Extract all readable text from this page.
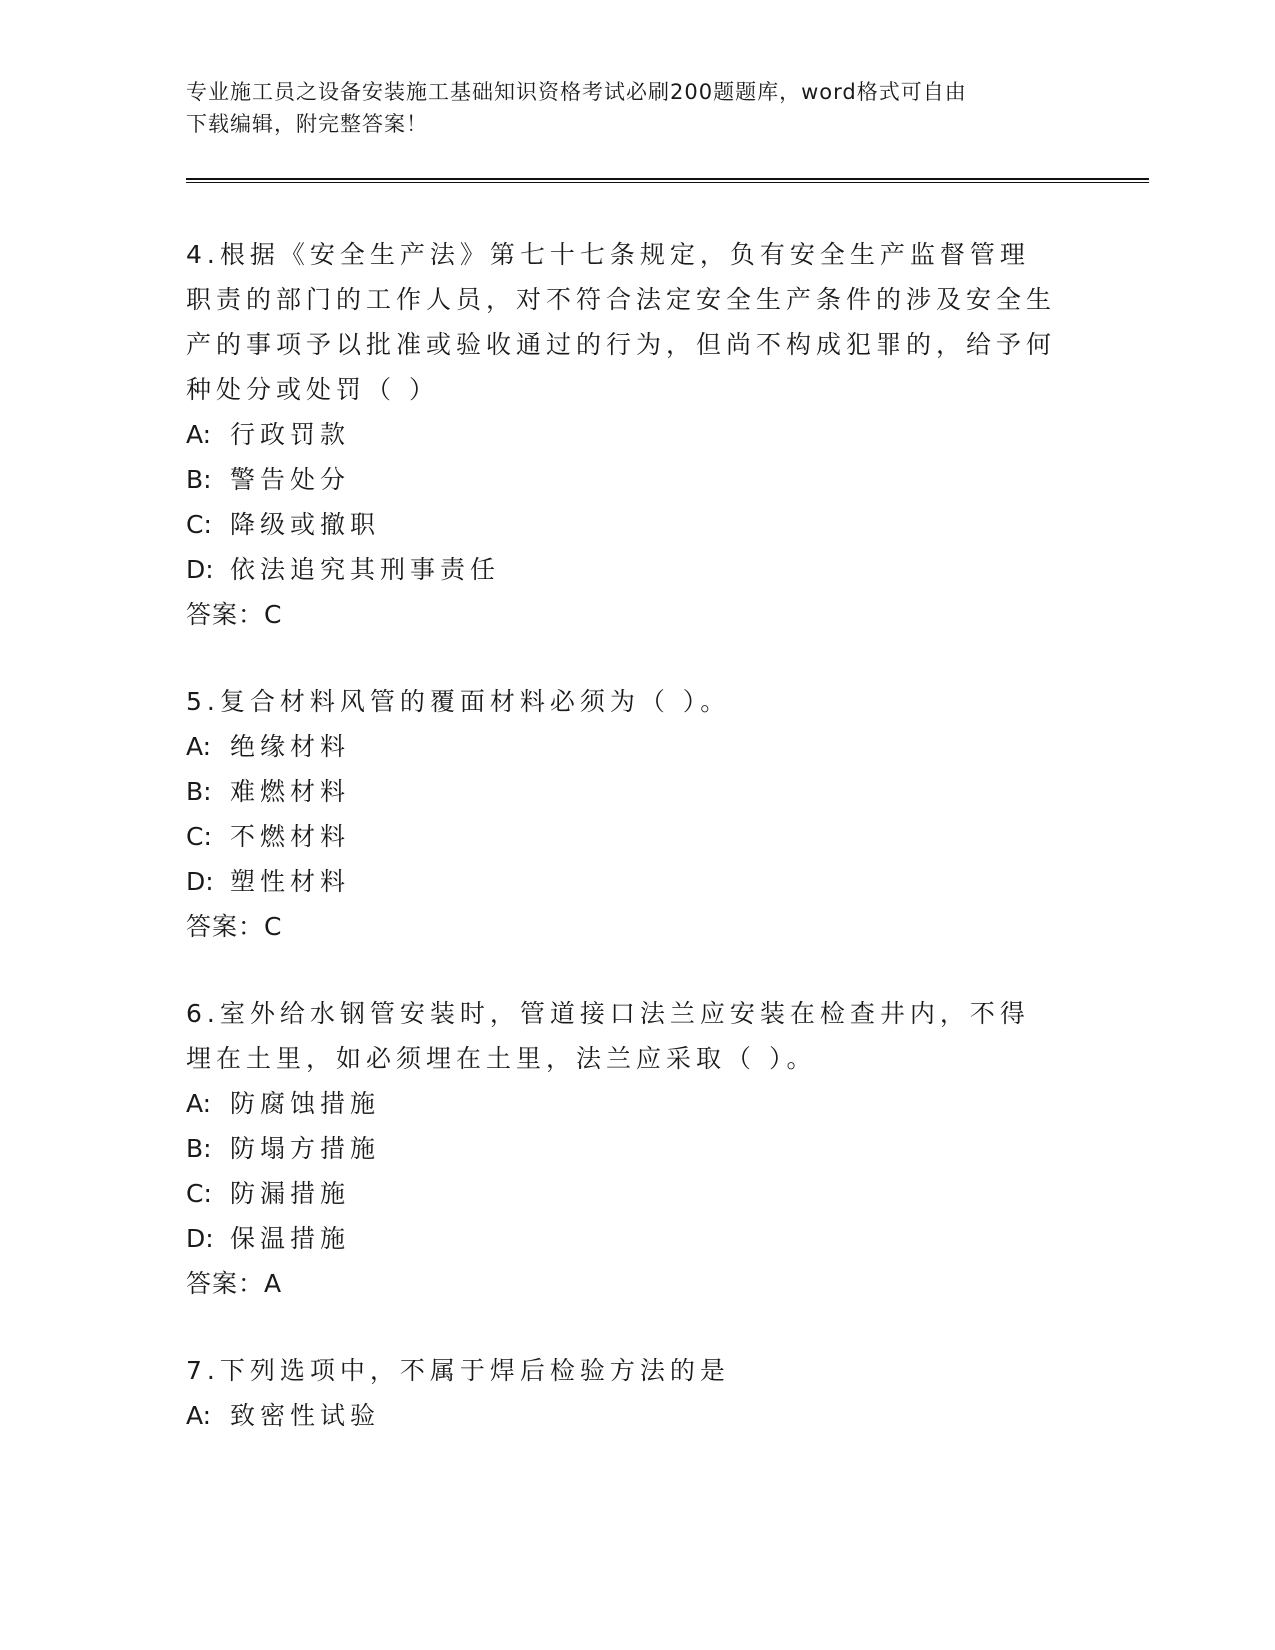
专业施工员之设备安装施工基础知识资格考试必刷200题题库，word格式可自由
下载编辑，附完整答案！
4.根据《安全生产法》第七十七条规定，负有安全生产监督管理职责的部门的工作人员，对不符合法定安全生产条件的涉及安全生产的事项予以批准或验收通过的行为，但尚不构成犯罪的，给予何种处分或处罚（ ）
A: 行政罚款
B: 警告处分
C: 降级或撤职
D: 依法追究其刑事责任
答案：C
5.复合材料风管的覆面材料必须为（ ）。
A: 绝缘材料
B: 难燃材料
C: 不燃材料
D: 塑性材料
答案：C
6.室外给水钢管安装时，管道接口法兰应安装在检查井内，不得埋在土里，如必须埋在土里，法兰应采取（ ）。
A: 防腐蚀措施
B: 防塌方措施
C: 防漏措施
D: 保温措施
答案：A
7.下列选项中，不属于焊后检验方法的是
A: 致密性试验
